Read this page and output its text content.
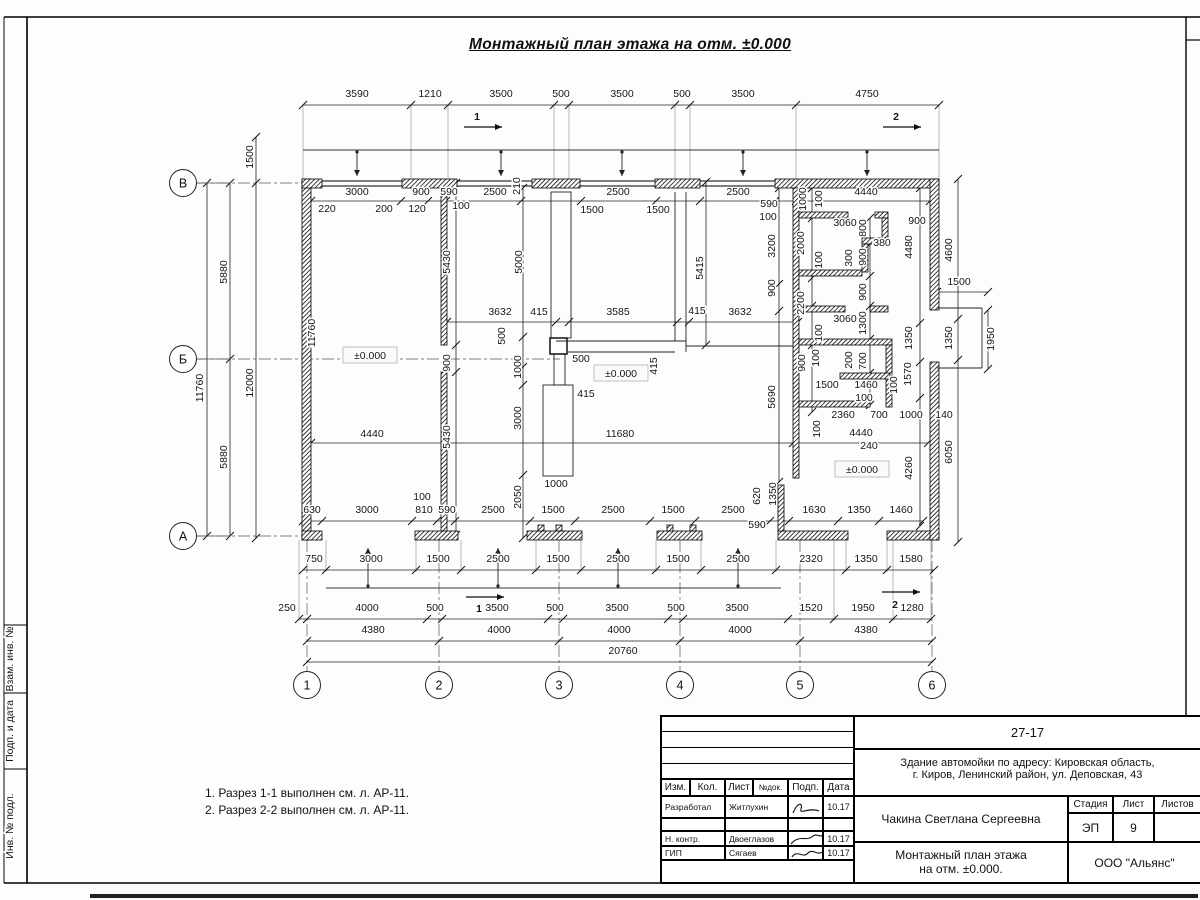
Взам. инв. №
Подп. и дата
Инв. № подл.
±0.000
±0.000
±0.000
3590	1210	3500	500	3500	500	3500	4750
3000	900 590 2500	2500	2500	4440
220	200 120	100	1500	1500	590
100
1500
5880
11760	12000
5880
11760
210
5430
900
5430
5000
1000
3000
2050
500
5415
3632 415	3585	415 3632
500	415
415
11680
4440
1000
100
3200
900
5690
1000 100
2000
100
2200
3060 800
300 900
380
900
4480	4600
3060
900
1300
100	1350	1350	1950
1500
100 200 700
900	1570
100
1500 1460
100
100
2360 700 1000 140
4440
240
4260
6050
620 1350
590
630	3000	810 590 2500	1500	2500	1500	2500	1630 1350 1460
750	3000	1500	2500	1500	2500	1500	2500	2320	1350 1580
250	4000	500	3500	500	3500	500	3500	1520	1950 1280
4380	4000	4000	4000	4380
20760
В
Б
А
1	2	3	4	5	6
1	2
1	2
Монтажный план этажа на отм. ±0.000
1. Разрез 1-1 выполнен см. л. АР-11.
2. Разрез 2-2 выполнен см. л. АР-11.
Изм.	Кол.	Лист	№док.	Подп. Дата
Разработал	Житлухин	10.17
Н. контр.	Двоеглазов	10.17
ГИП	Сягаев	10.17
27-17
Здание автомойки по адресу: Кировская область,
г. Киров, Ленинский район, ул. Деповская, 43
Чакина Светлана Сергеевна
Стадия	Лист	Листов
ЭП	9
Монтажный план этажа
на отм. ±0.000.	ООО "Альянс"
